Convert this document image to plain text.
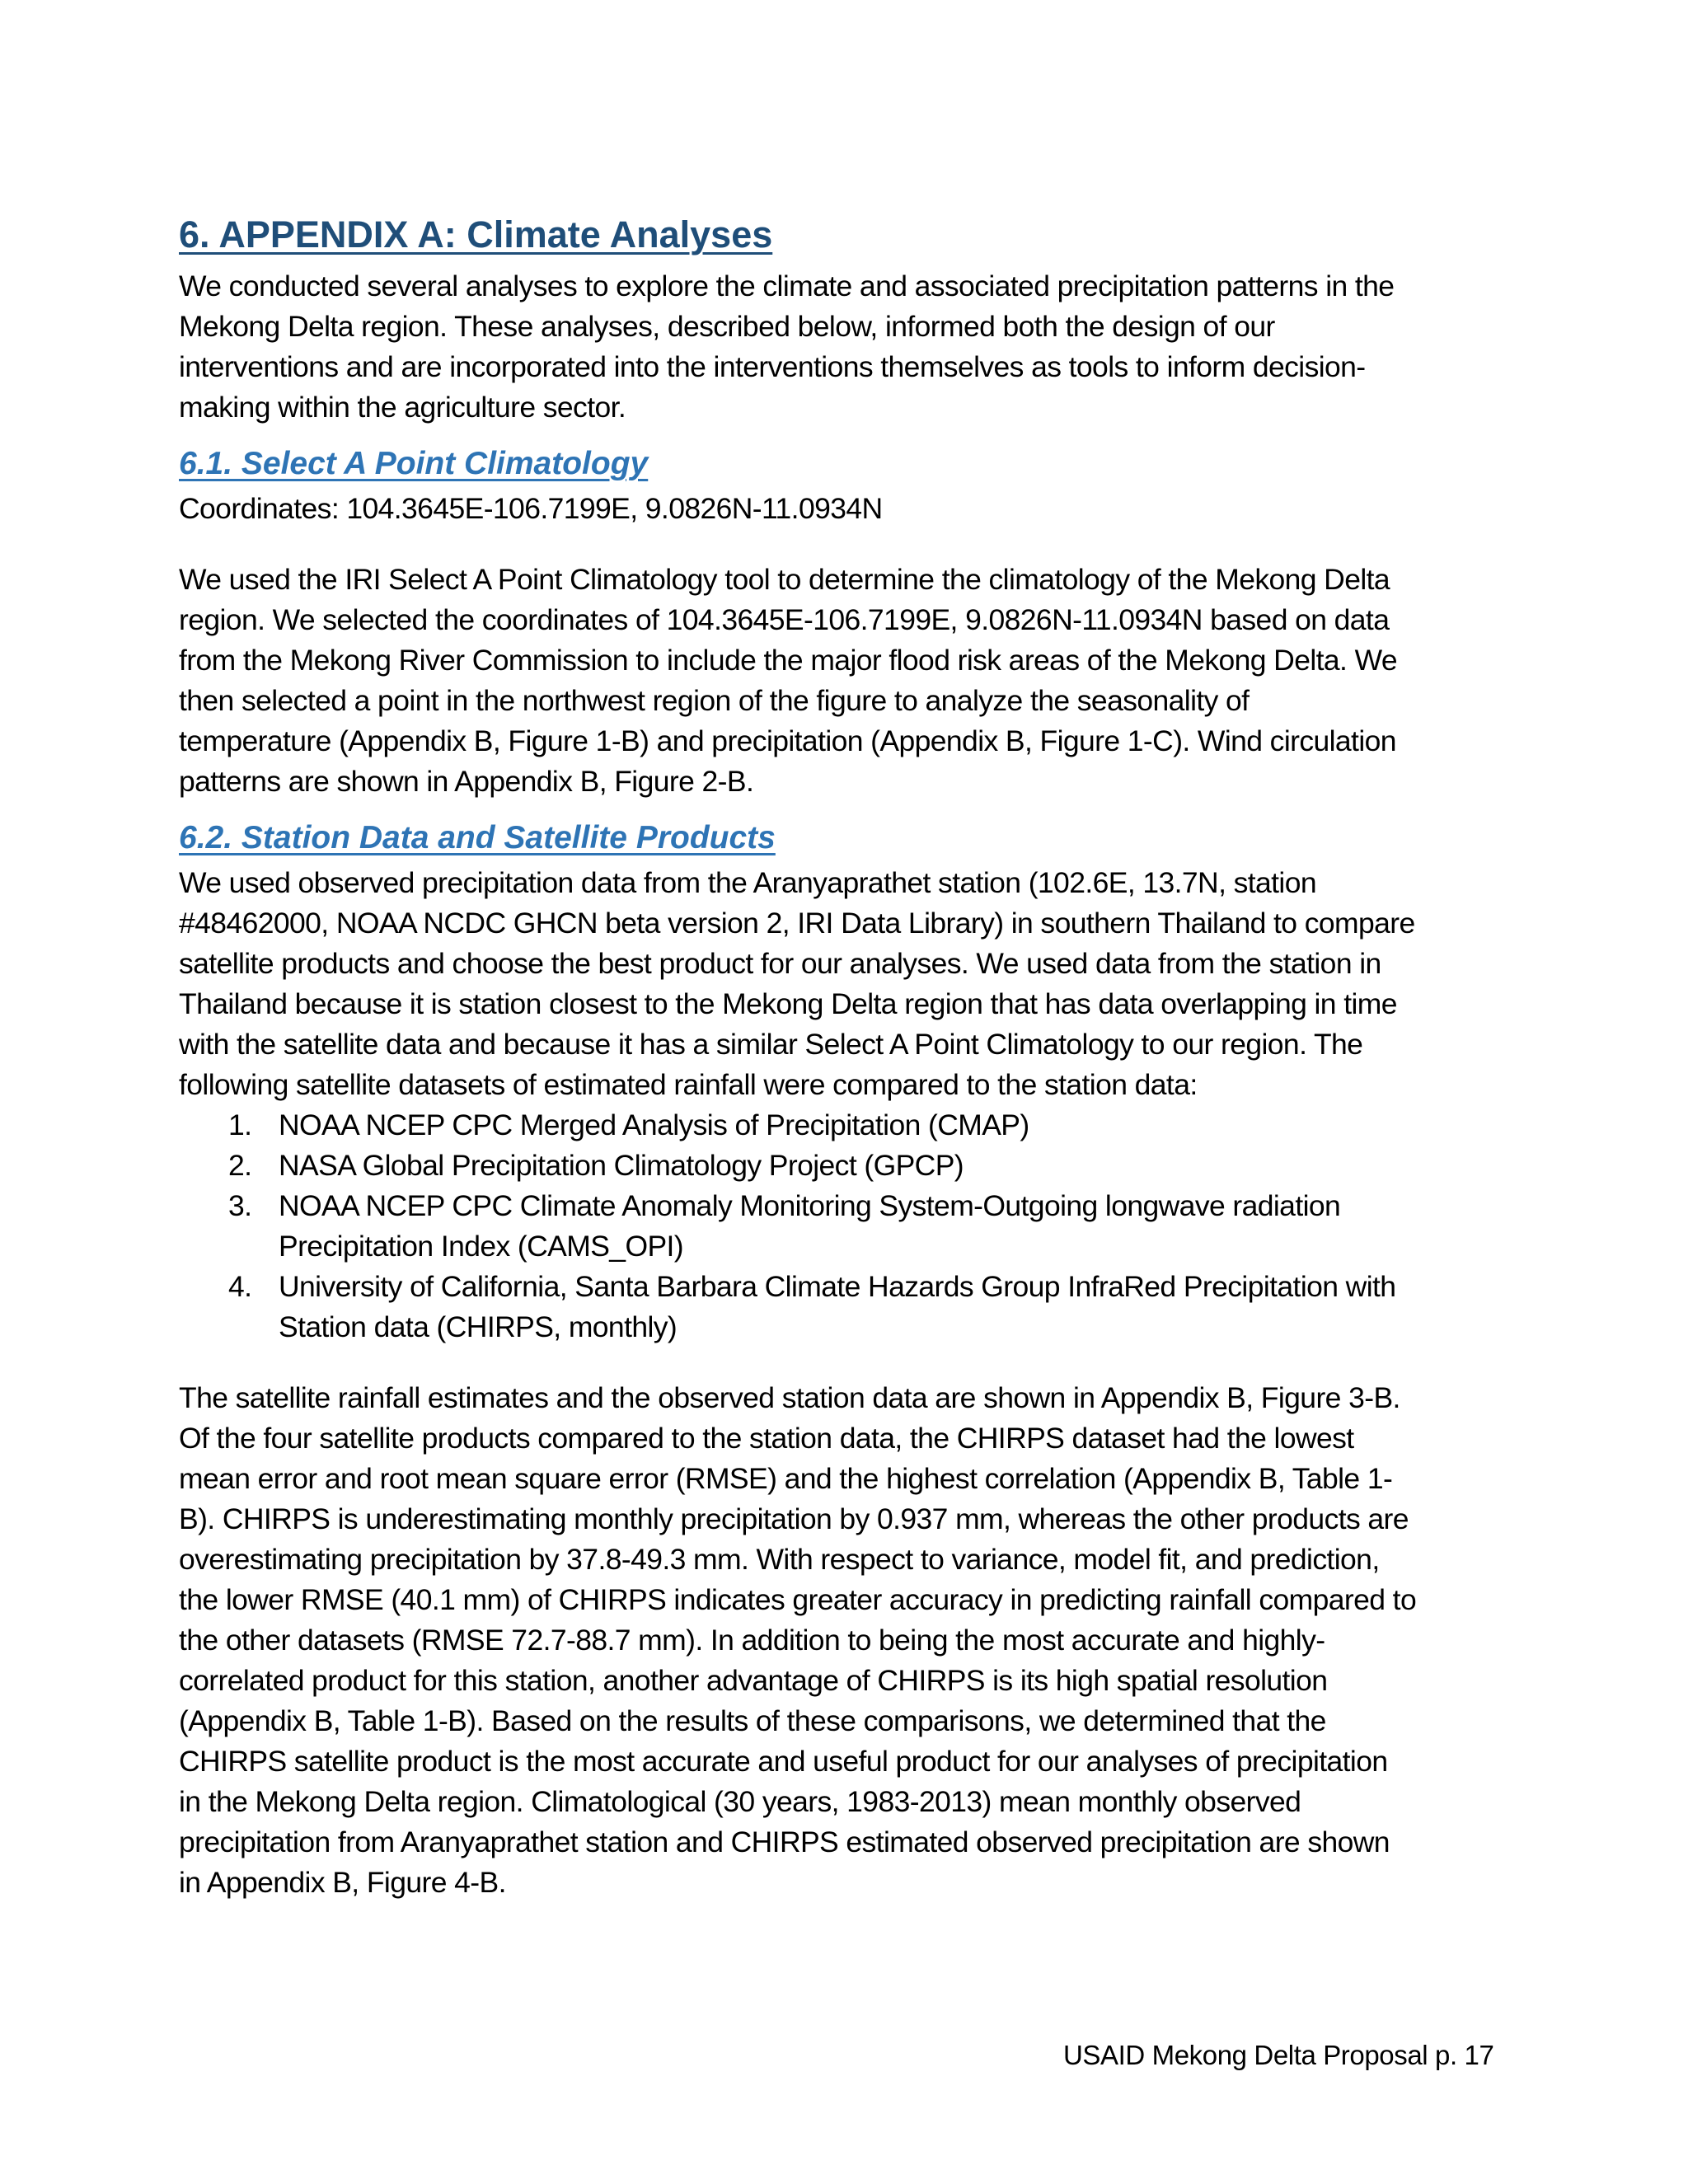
6. APPENDIX A: Climate Analyses

We conducted several analyses to explore the climate and associated precipitation patterns in the
Mekong Delta region. These analyses, described below, informed both the design of our
interventions and are incorporated into the interventions themselves as tools to inform decision-
making within the agriculture sector.

6.1. Select A Point Climatology

Coordinates: 104.3645E-106.7199E, 9.0826N-11.0934N

We used the IRI Select A Point Climatology tool to determine the climatology of the Mekong Delta
region. We selected the coordinates of 104.3645E-106.7199E, 9.0826N-11.0934N based on data
from the Mekong River Commission to include the major flood risk areas of the Mekong Delta. We
then selected a point in the northwest region of the figure to analyze the seasonality of
temperature (Appendix B, Figure 1-B) and precipitation (Appendix B, Figure 1-C). Wind circulation
patterns are shown in Appendix B, Figure 2-B.

6.2. Station Data and Satellite Products

We used observed precipitation data from the Aranyaprathet station (102.6E, 13.7N, station
#48462000, NOAA NCDC GHCN beta version 2, IRI Data Library) in southern Thailand to compare
satellite products and choose the best product for our analyses. We used data from the station in
Thailand because it is station closest to the Mekong Delta region that has data overlapping in time
with the satellite data and because it has a similar Select A Point Climatology to our region. The
following satellite datasets of estimated rainfall were compared to the station data:

1. NOAA NCEP CPC Merged Analysis of Precipitation (CMAP)
2. NASA Global Precipitation Climatology Project (GPCP)
3. NOAA NCEP CPC Climate Anomaly Monitoring System-Outgoing longwave radiation
Precipitation Index (CAMS_OPI)
4. University of California, Santa Barbara Climate Hazards Group InfraRed Precipitation with
Station data (CHIRPS, monthly)

The satellite rainfall estimates and the observed station data are shown in Appendix B, Figure 3-B.
Of the four satellite products compared to the station data, the CHIRPS dataset had the lowest
mean error and root mean square error (RMSE) and the highest correlation (Appendix B, Table 1-
B). CHIRPS is underestimating monthly precipitation by 0.937 mm, whereas the other products are
overestimating precipitation by 37.8-49.3 mm. With respect to variance, model fit, and prediction,
the lower RMSE (40.1 mm) of CHIRPS indicates greater accuracy in predicting rainfall compared to
the other datasets (RMSE 72.7-88.7 mm). In addition to being the most accurate and highly-
correlated product for this station, another advantage of CHIRPS is its high spatial resolution
(Appendix B, Table 1-B). Based on the results of these comparisons, we determined that the
CHIRPS satellite product is the most accurate and useful product for our analyses of precipitation
in the Mekong Delta region. Climatological (30 years, 1983-2013) mean monthly observed
precipitation from Aranyaprathet station and CHIRPS estimated observed precipitation are shown
in Appendix B, Figure 4-B.

USAID Mekong Delta Proposal p. 17
